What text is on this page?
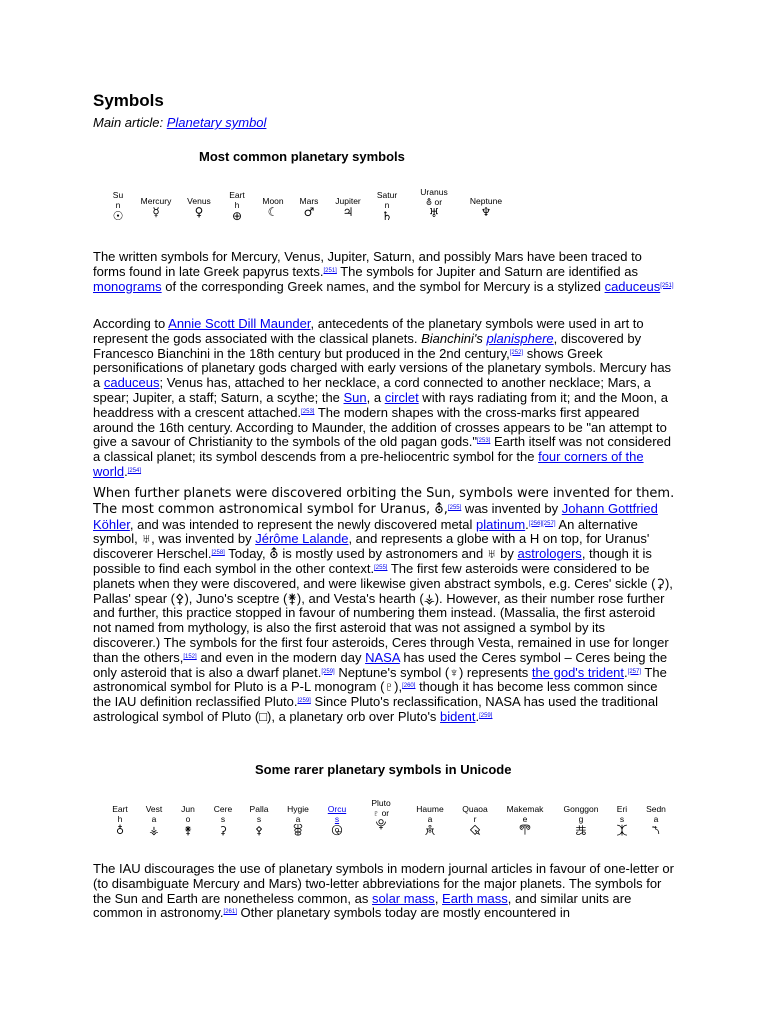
Symbols
Main article: Planetary symbol
Most common planetary symbols
Su
n
☉
Mercury
☿
Venus
♀
Eart
h
⊕
Moon
☾
Mars
♂
Jupiter
♃
Satur
n
♄
Uranus
⛢ or
♅
Neptune
♆

The written symbols for Mercury, Venus, Jupiter, Saturn, and possibly Mars have been traced to forms found in late Greek papyrus texts.[251] The symbols for Jupiter and Saturn are identified as monograms of the corresponding Greek names, and the symbol for Mercury is a stylized caduceus[251]

According to Annie Scott Dill Maunder, antecedents of the planetary symbols were used in art to represent the gods associated with the classical planets. Bianchini's planisphere, discovered by Francesco Bianchini in the 18th century but produced in the 2nd century,[252] shows Greek personifications of planetary gods charged with early versions of the planetary symbols. Mercury has a caduceus; Venus has, attached to her necklace, a cord connected to another necklace; Mars, a spear; Jupiter, a staff; Saturn, a scythe; the Sun, a circlet with rays radiating from it; and the Moon, a headdress with a crescent attached.[253] The modern shapes with the cross-marks first appeared around the 16th century. According to Maunder, the addition of crosses appears to be "an attempt to give a savour of Christianity to the symbols of the old pagan gods."[253] Earth itself was not considered a classical planet; its symbol descends from a pre-heliocentric symbol for the four corners of the world.[254]

When further planets were discovered orbiting the Sun, symbols were invented for them. The most common astronomical symbol for Uranus, ⛢,[255] was invented by Johann Gottfried Köhler, and was intended to represent the newly discovered metal platinum.[256][257] An alternative symbol, ♅, was invented by Jérôme Lalande, and represents a globe with a H on top, for Uranus' discoverer Herschel.[258] Today, ⛢ is mostly used by astronomers and ♅ by astrologers, though it is possible to find each symbol in the other context.[255] The first few asteroids were considered to be planets when they were discovered, and were likewise given abstract symbols, e.g. Ceres' sickle (⚳), Pallas' spear (⚴), Juno's sceptre (⚵), and Vesta's hearth (⚶). However, as their number rose further and further, this practice stopped in favour of numbering them instead. (Massalia, the first asteroid not named from mythology, is also the first asteroid that was not assigned a symbol by its discoverer.) The symbols for the first four asteroids, Ceres through Vesta, remained in use for longer than the others,[152] and even in the modern day NASA has used the Ceres symbol – Ceres being the only asteroid that is also a dwarf planet.[259] Neptune's symbol (♆) represents the god's trident.[257] The astronomical symbol for Pluto is a P-L monogram (♇),[260] though it has become less common since the IAU definition reclassified Pluto.[259] Since Pluto's reclassification, NASA has used the traditional astrological symbol of Pluto (□), a planetary orb over Pluto's bident.[259]

Some rarer planetary symbols in Unicode
Eart
h
♁
Vest
a
⚶
Jun
o
⚵
Cere
s
⚳
Palla
s
⚴
Hygie
a
⯚
Orcu
s
🝿
Pluto
♇ or
⯓
Haume
a
🝻
Quaoa
r
🝾
Makemak
e
🝼
Gonggon
g
🝽
Eri
s
⯰
Sedn
a
⯲

The IAU discourages the use of planetary symbols in modern journal articles in favour of one-letter or (to disambiguate Mercury and Mars) two-letter abbreviations for the major planets. The symbols for the Sun and Earth are nonetheless common, as solar mass, Earth mass, and similar units are common in astronomy.[261] Other planetary symbols today are mostly encountered in
